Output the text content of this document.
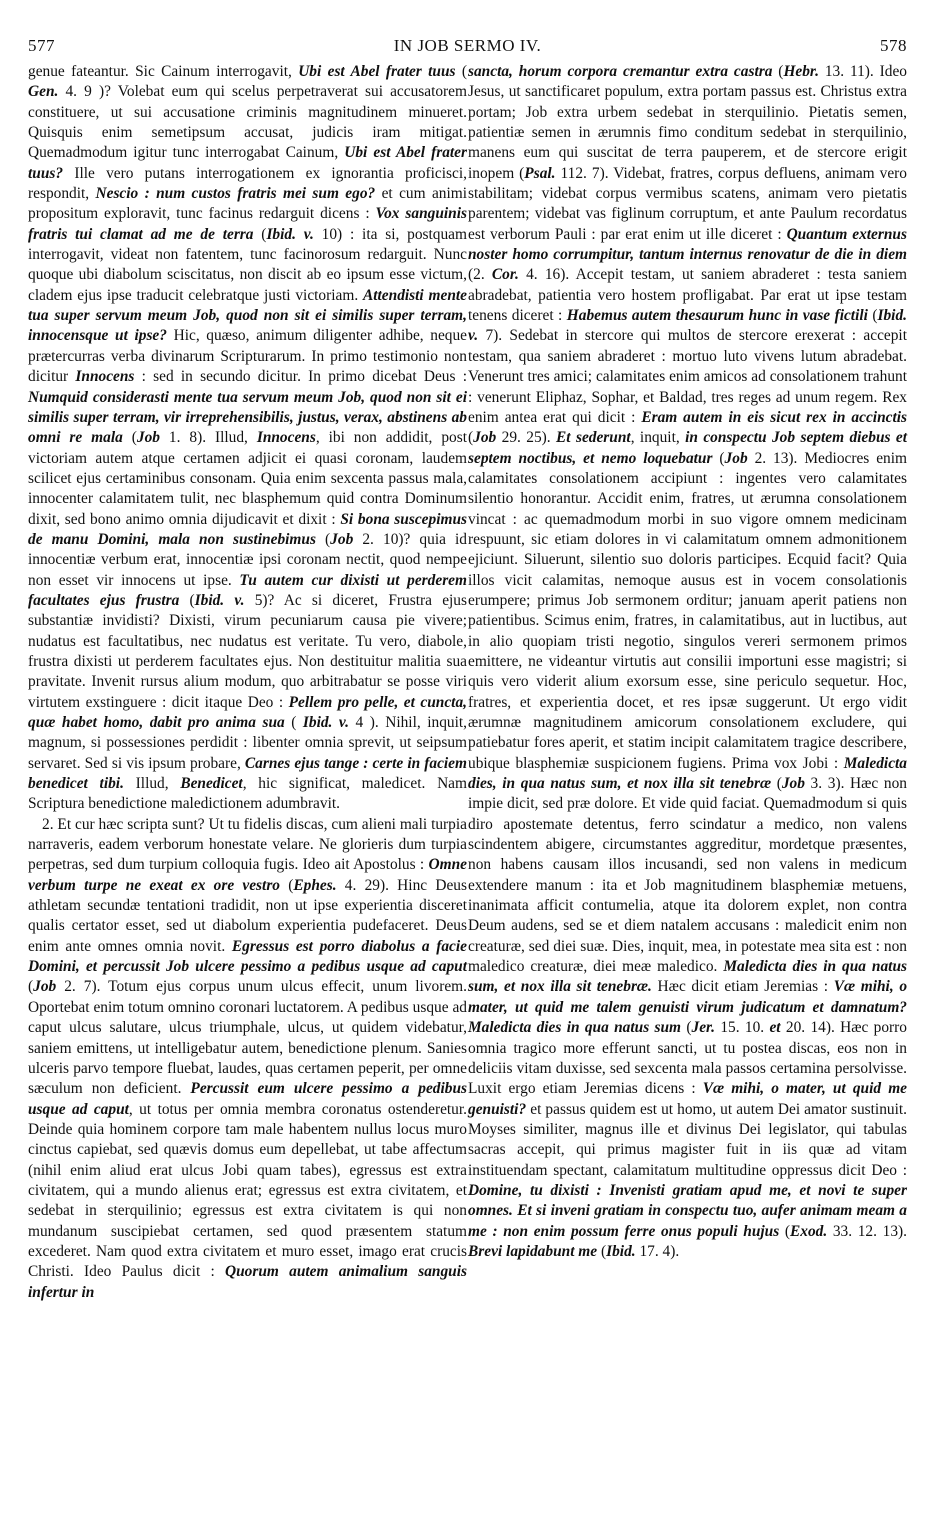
577	IN JOB SERMO IV.	578

genue fateantur. Sic Cainum interrogavit, Ubi est Abel frater tuus ( Gen. 4. 9 )? Volebat eum qui scelus perpetraverat sui accusatorem constituere, ut sui accusatione criminis magnitudinem minueret. Quisquis enim semetipsum accusat, judicis iram mitigat. Quemadmodum igitur tunc interrogabat Cainum, Ubi est Abel frater tuus? Ille vero putans interrogationem ex ignorantia proficisci, respondit, Nescio : num custos fratris mei sum ego? et cum animi propositum exploravit, tunc facinus redarguit dicens : Vox sanguinis fratris tui clamat ad me de terra (Ibid. v. 10) : ita si, postquam interrogavit, videat non fatentem, tunc facinorosum redarguit. Nunc quoque ubi diabolum sciscitatus, non discit ab eo ipsum esse victum, cladem ejus ipse traducit celebratque justi victoriam. Attendisti mente tua super servum meum Job, quod non sit ei similis super terram, innocensque ut ipse? Hic, quæso, animum diligenter adhibe, neque prætercurras verba divinarum Scripturarum. In primo testimonio non dicitur Innocens : sed in secundo dicitur. In primo dicebat Deus : Numquid considerasti mente tua servum meum Job, quod non sit ei similis super terram, vir irreprehensibilis, justus, verax, abstinens ab omni re mala (Job 1. 8). Illud, Innocens, ibi non addidit, post victoriam autem atque certamen adjicit ei quasi coronam, laudem scilicet ejus certaminibus consonam. Quia enim sexcenta passus mala, innocenter calamitatem tulit, nec blasphemum quid contra Dominum dixit, sed bono animo omnia dijudicavit et dixit : Si bona suscepimus de manu Domini, mala non sustinebimus (Job 2. 10)? quia id innocentiæ verbum erat, innocentiæ ipsi coronam nectit, quod nempe non esset vir innocens ut ipse. Tu autem cur dixisti ut perderem facultates ejus frustra (Ibid. v. 5)? Ac si diceret, Frustra ejus substantiæ invidisti? Dixisti, virum pecuniarum causa pie vivere; nudatus est facultatibus, nec nudatus est veritate. Tu vero, diabole, frustra dixisti ut perderem facultates ejus. Non destituitur malitia sua pravitate. Invenit rursus alium modum, quo arbitrabatur se posse viri virtutem exstinguere : dicit itaque Deo : Pellem pro pelle, et cuncta, quæ habet homo, dabit pro anima sua ( Ibid. v. 4 ). Nihil, inquit, magnum, si possessiones perdidit : libenter omnia sprevit, ut seipsum servaret. Sed si vis ipsum probare, Carnes ejus tange : certe in faciem benedicet tibi. Illud, Benedicet, hic significat, maledicet. Nam Scriptura benedictione maledictionem adumbravit.

2. Et cur hæc scripta sunt? Ut tu fidelis discas, cum alieni mali turpia narraveris, eadem verborum honestate velare. Ne glorieris dum turpia perpetras, sed dum turpium colloquia fugis. Ideo ait Apostolus : Omne verbum turpe ne exeat ex ore vestro (Ephes. 4. 29). Hinc Deus athletam secundæ tentationi tradidit, non ut ipse experientia disceret qualis certator esset, sed ut diabolum experientia pudefaceret. Deus enim ante omnes omnia novit. Egressus est porro diabolus a facie Domini, et percussit Job ulcere pessimo a pedibus usque ad caput (Job 2. 7). Totum ejus corpus unum ulcus effecit, unum livorem. Oportebat enim totum omnino coronari luctatorem. A pedibus usque ad caput ulcus salutare, ulcus triumphale, ulcus, ut quidem videbatur, saniem emittens, ut intelligebatur autem, benedictione plenum. Sanies ulceris parvo tempore fluebat, laudes, quas certamen peperit, per omne sæculum non deficient. Percussit eum ulcere pessimo a pedibus usque ad caput, ut totus per omnia membra coronatus ostenderetur. Deinde quia hominem corpore tam male habentem nullus locus muro cinctus capiebat, sed quævis domus eum depellebat, ut tabe affectum (nihil enim aliud erat ulcus Jobi quam tabes), egressus est extra civitatem, qui a mundo alienus erat; egressus est extra civitatem, et sedebat in sterquilinio; egressus est extra civitatem is qui non mundanum suscipiebat certamen, sed quod præsentem statum excederet. Nam quod extra civitatem et muro esset, imago erat crucis Christi. Ideo Paulus dicit : Quorum autem animalium sanguis infertur in

sancta, horum corpora cremantur extra castra (Hebr. 13. 11). Ideo Jesus, ut sanctificaret populum, extra portam passus est. Christus extra portam; Job extra urbem sedebat in sterquilinio. Pietatis semen, patientiæ semen in ærumnis fimo conditum sedebat in sterquilinio, manens eum qui suscitat de terra pauperem, et de stercore erigit inopem (Psal. 112. 7). Videbat, fratres, corpus defluens, animam vero stabilitam; videbat corpus vermibus scatens, animam vero pietatis parentem; videbat vas figlinum corruptum, et ante Paulum recordatus est verborum Pauli : par erat enim ut ille diceret : Quantum externus noster homo corrumpitur, tantum internus renovatur de die in diem (2. Cor. 4. 16). Accepit testam, ut saniem abraderet : testa saniem abradebat, patientia vero hostem profligabat. Par erat ut ipse testam tenens diceret : Habemus autem thesaurum hunc in vase fictili (Ibid. v. 7). Sedebat in stercore qui multos de stercore erexerat : accepit testam, qua saniem abraderet : mortuo luto vivens lutum abradebat. Venerunt tres amici; calamitates enim amicos ad consolationem trahunt : venerunt Eliphaz, Sophar, et Baldad, tres reges ad unum regem. Rex enim antea erat qui dicit : Eram autem in eis sicut rex in accinctis (Job 29. 25). Et sederunt, inquit, in conspectu Job septem diebus et septem noctibus, et nemo loquebatur (Job 2. 13). Mediocres enim calamitates consolationem accipiunt : ingentes vero calamitates silentio honorantur. Accidit enim, fratres, ut ærumna consolationem vincat : ac quemadmodum morbi in suo vigore omnem medicinam respuunt, sic etiam dolores in vi calamitatum omnem admonitionem ejiciunt. Siluerunt, silentio suo doloris participes. Ecquid facit? Quia illos vicit calamitas, nemoque ausus est in vocem consolationis erumpere; primus Job sermonem orditur; januam aperit patiens non patientibus. Scimus enim, fratres, in calamitatibus, aut in luctibus, aut in alio quopiam tristi negotio, singulos vereri sermonem primos emittere, ne videantur virtutis aut consilii importuni esse magistri; si quis vero viderit alium exorsum esse, sine periculo sequetur. Hoc, fratres, et experientia docet, et res ipsæ suggerunt. Ut ergo vidit ærumnæ magnitudinem amicorum consolationem excludere, qui patiebatur fores aperit, et statim incipit calamitatem tragice describere, ubique blasphemiæ suspicionem fugiens. Prima vox Jobi : Maledicta dies, in qua natus sum, et nox illa sit tenebræ (Job 3. 3). Hæc non impie dicit, sed præ dolore. Et vide quid faciat. Quemadmodum si quis diro apostemate detentus, ferro scindatur a medico, non valens scindentem abigere, circumstantes aggreditur, mordetque præsentes, non habens causam illos incusandi, sed non valens in medicum extendere manum : ita et Job magnitudinem blasphemiæ metuens, inanimata afficit contumelia, atque ita dolorem explet, non contra Deum audens, sed se et diem natalem accusans : maledicit enim non creaturæ, sed diei suæ. Dies, inquit, mea, in potestate mea sita est : non maledico creaturæ, diei meæ maledico. Maledicta dies in qua natus sum, et nox illa sit tenebræ. Hæc dicit etiam Jeremias : Væ mihi, o mater, ut quid me talem genuisti virum judicatum et damnatum? Maledicta dies in qua natus sum (Jer. 15. 10. et 20. 14). Hæc porro omnia tragico more efferunt sancti, ut tu postea discas, eos non in deliciis vitam duxisse, sed sexcenta mala passos certamina persolvisse. Luxit ergo etiam Jeremias dicens : Væ mihi, o mater, ut quid me genuisti? et passus quidem est ut homo, ut autem Dei amator sustinuit. Moyses similiter, magnus ille et divinus Dei legislator, qui tabulas sacras accepit, qui primus magister fuit in iis quæ ad vitam instituendam spectant, calamitatum multitudine oppressus dicit Deo : Domine, tu dixisti : Invenisti gratiam apud me, et novi te super omnes. Et si inveni gratiam in conspectu tuo, aufer animam meam a me : non enim possum ferre onus populi hujus (Exod. 33. 12. 13). Brevi lapidabunt me (Ibid. 17. 4).
